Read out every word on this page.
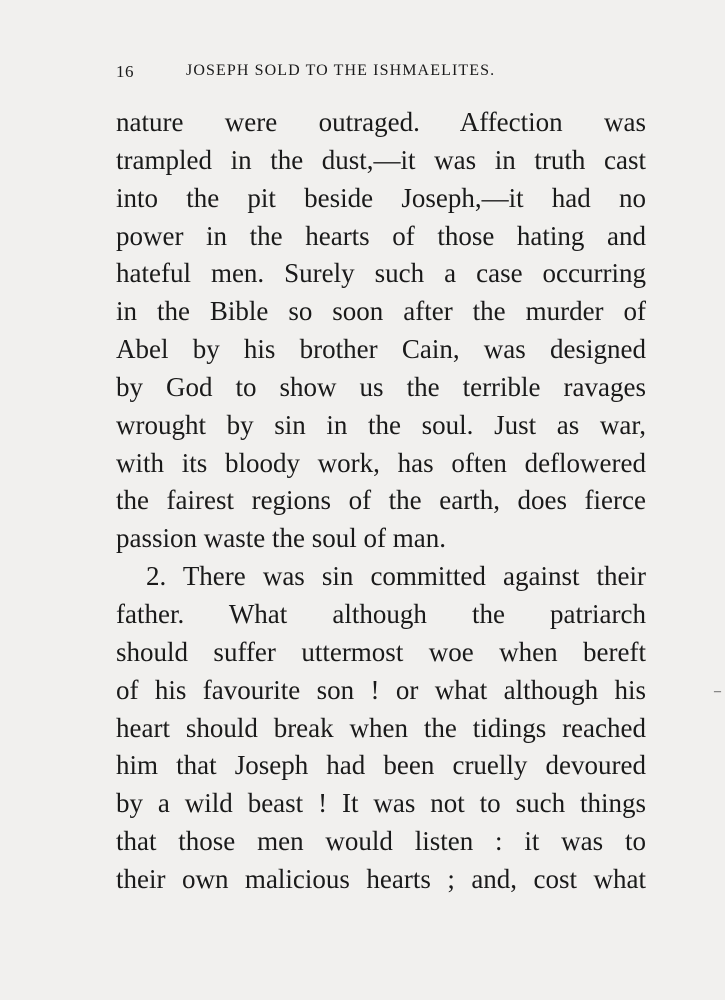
16	JOSEPH SOLD TO THE ISHMAELITES.
nature were outraged. Affection was
trampled in the dust,—it was in truth cast
into the pit beside Joseph,—it had no
power in the hearts of those hating and
hateful men. Surely such a case occurring
in the Bible so soon after the murder of
Abel by his brother Cain, was designed
by God to show us the terrible ravages
wrought by sin in the soul. Just as war,
with its bloody work, has often deflowered
the fairest regions of the earth, does fierce
passion waste the soul of man.
2. There was sin committed against their
father. What although the patriarch
should suffer uttermost woe when bereft
of his favourite son ! or what although his
heart should break when the tidings reached
him that Joseph had been cruelly devoured
by a wild beast ! It was not to such things
that those men would listen : it was to
their own malicious hearts ; and, cost what
–
